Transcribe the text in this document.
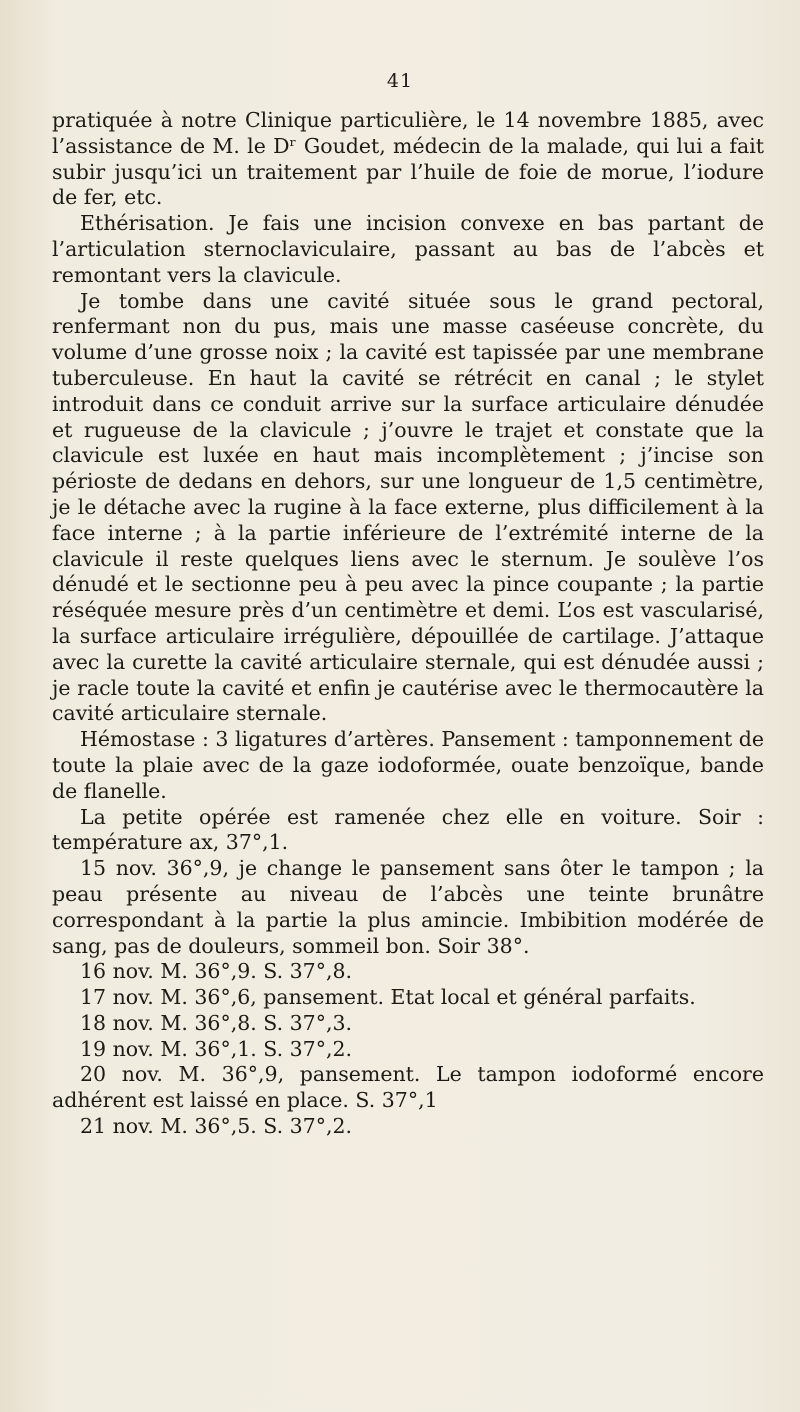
41

pratiquée à notre Clinique particulière, le 14 novembre 1885, avec l’assistance de M. le Dʳ Goudet, médecin de la malade, qui lui a fait subir jusqu’ici un traitement par l’huile de foie de morue, l’iodure de fer, etc.

Ethérisation. Je fais une incision convexe en bas partant de l’articulation sternoclaviculaire, passant au bas de l’abcès et remontant vers la clavicule.

Je tombe dans une cavité située sous le grand pectoral, renfermant non du pus, mais une masse caséeuse concrète, du volume d’une grosse noix ; la cavité est tapissée par une membrane tuberculeuse. En haut la cavité se rétrécit en canal ; le stylet introduit dans ce conduit arrive sur la surface articulaire dénudée et rugueuse de la clavicule ; j’ouvre le trajet et constate que la clavicule est luxée en haut mais incomplètement ; j’incise son périoste de dedans en dehors, sur une longueur de 1,5 centimètre, je le détache avec la rugine à la face externe, plus difficilement à la face interne ; à la partie inférieure de l’extrémité interne de la clavicule il reste quelques liens avec le sternum. Je soulève l’os dénudé et le sectionne peu à peu avec la pince coupante ; la partie réséquée mesure près d’un centimètre et demi. L’os est vascularisé, la surface articulaire irrégulière, dépouillée de cartilage. J’attaque avec la curette la cavité articulaire sternale, qui est dénudée aussi ; je racle toute la cavité et enfin je cautérise avec le thermocautère la cavité articulaire sternale.

Hémostase : 3 ligatures d’artères. Pansement : tamponnement de toute la plaie avec de la gaze iodoformée, ouate benzoïque, bande de flanelle.

La petite opérée est ramenée chez elle en voiture. Soir : température ax, 37°,1.

15 nov. 36°,9, je change le pansement sans ôter le tampon ; la peau présente au niveau de l’abcès une teinte brunâtre correspondant à la partie la plus amincie. Imbibition modérée de sang, pas de douleurs, sommeil bon. Soir 38°.

16 nov. M. 36°,9. S. 37°,8.

17 nov. M. 36°,6, pansement. Etat local et général parfaits.

18 nov. M. 36°,8. S. 37°,3.

19 nov. M. 36°,1. S. 37°,2.

20 nov. M. 36°,9, pansement. Le tampon iodoformé encore adhérent est laissé en place. S. 37°,1

21 nov. M. 36°,5. S. 37°,2.
